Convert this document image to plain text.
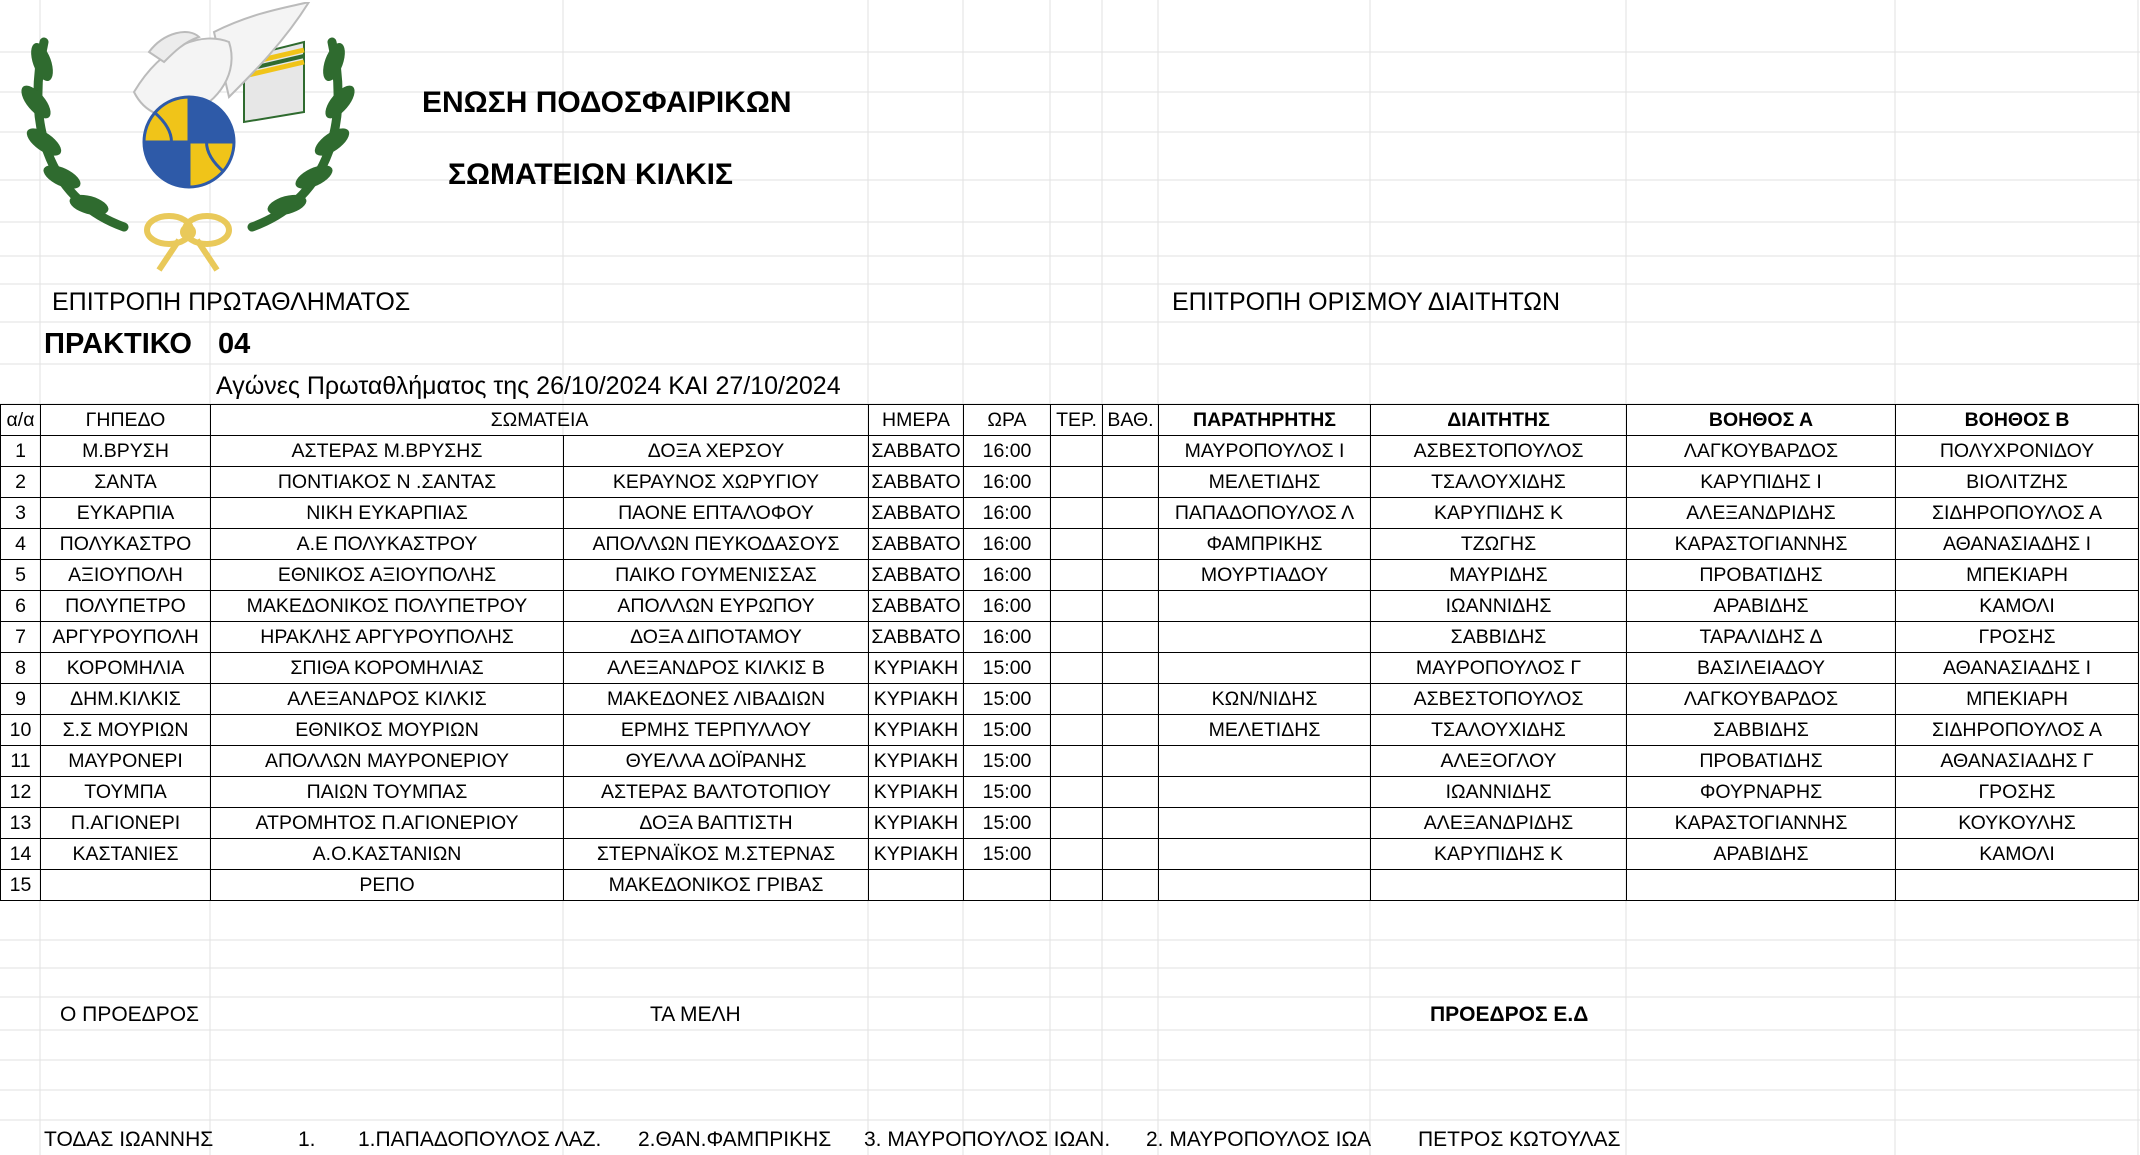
ΕΝΩΣΗ ΠΟΔΟΣΦΑΙΡΙΚΩΝ
ΣΩΜΑΤΕΙΩΝ ΚΙΛΚΙΣ
ΕΠΙΤΡΟΠΗ ΠΡΩΤΑΘΛΗΜΑΤΟΣ	ΕΠΙΤΡΟΠΗ ΟΡΙΣΜΟΥ ΔΙΑΙΤΗΤΩΝ
ΠΡΑΚΤΙΚΟ 04
Αγώνες Πρωταθλήματος της 26/10/2024 ΚΑΙ 27/10/2024
α/α	ΓΗΠΕΔΟ	ΣΩΜΑΤΕΙΑ		ΗΜΕΡΑ	ΩΡΑ	ΤΕΡ.	ΒΑΘ.	ΠΑΡΑΤΗΡΗΤΗΣ	ΔΙΑΙΤΗΤΗΣ	ΒΟΗΘΟΣ Α	ΒΟΗΘΟΣ Β
1	Μ.ΒΡΥΣΗ	ΑΣΤΕΡΑΣ Μ.ΒΡΥΣΗΣ	ΔΟΞΑ ΧΕΡΣΟΥ	ΣΑΒΒΑΤΟ	16:00			ΜΑΥΡΟΠΟΥΛΟΣ Ι	ΑΣΒΕΣΤΟΠΟΥΛΟΣ	ΛΑΓΚΟΥΒΑΡΔΟΣ	ΠΟΛΥΧΡΟΝΙΔΟΥ
2	ΣΑΝΤΑ	ΠΟΝΤΙΑΚΟΣ Ν .ΣΑΝΤΑΣ	ΚΕΡΑΥΝΟΣ ΧΩΡΥΓΙΟΥ	ΣΑΒΒΑΤΟ	16:00			ΜΕΛΕΤΙΔΗΣ	ΤΣΑΛΟΥΧΙΔΗΣ	ΚΑΡΥΠΙΔΗΣ Ι	ΒΙΟΛΙΤΖΗΣ
3	ΕΥΚΑΡΠΙΑ	ΝΙΚΗ ΕΥΚΑΡΠΙΑΣ	ΠΑΟΝΕ ΕΠΤΑΛΟΦΟΥ	ΣΑΒΒΑΤΟ	16:00			ΠΑΠΑΔΟΠΟΥΛΟΣ Λ	ΚΑΡΥΠΙΔΗΣ Κ	ΑΛΕΞΑΝΔΡΙΔΗΣ	ΣΙΔΗΡΟΠΟΥΛΟΣ Α
4	ΠΟΛΥΚΑΣΤΡΟ	Α.Ε ΠΟΛΥΚΑΣΤΡΟΥ	ΑΠΟΛΛΩΝ ΠΕΥΚΟΔΑΣΟΥΣ	ΣΑΒΒΑΤΟ	16:00			ΦΑΜΠΡΙΚΗΣ	ΤΖΩΓΗΣ	ΚΑΡΑΣΤΟΓΙΑΝΝΗΣ	ΑΘΑΝΑΣΙΑΔΗΣ Ι
5	ΑΞΙΟΥΠΟΛΗ	ΕΘΝΙΚΟΣ ΑΞΙΟΥΠΟΛΗΣ	ΠΑΙΚΟ ΓΟΥΜΕΝΙΣΣΑΣ	ΣΑΒΒΑΤΟ	16:00			ΜΟΥΡΤΙΑΔΟΥ	ΜΑΥΡΙΔΗΣ	ΠΡΟΒΑΤΙΔΗΣ	ΜΠΕΚΙΑΡΗ
6	ΠΟΛΥΠΕΤΡΟ	ΜΑΚΕΔΟΝΙΚΟΣ ΠΟΛΥΠΕΤΡΟΥ	ΑΠΟΛΛΩΝ ΕΥΡΩΠΟΥ	ΣΑΒΒΑΤΟ	16:00				ΙΩΑΝΝΙΔΗΣ	ΑΡΑΒΙΔΗΣ	ΚΑΜΟΛΙ
7	ΑΡΓΥΡΟΥΠΟΛΗ	ΗΡΑΚΛΗΣ ΑΡΓΥΡΟΥΠΟΛΗΣ	ΔΟΞΑ ΔΙΠΟΤΑΜΟΥ	ΣΑΒΒΑΤΟ	16:00				ΣΑΒΒΙΔΗΣ	ΤΑΡΑΛΙΔΗΣ Δ	ΓΡΟΣΗΣ
8	ΚΟΡΟΜΗΛΙΑ	ΣΠΙΘΑ ΚΟΡΟΜΗΛΙΑΣ	ΑΛΕΞΑΝΔΡΟΣ ΚΙΛΚΙΣ Β	ΚΥΡΙΑΚΗ	15:00				ΜΑΥΡΟΠΟΥΛΟΣ Γ	ΒΑΣΙΛΕΙΑΔΟΥ	ΑΘΑΝΑΣΙΑΔΗΣ Ι
9	ΔΗΜ.ΚΙΛΚΙΣ	ΑΛΕΞΑΝΔΡΟΣ ΚΙΛΚΙΣ	ΜΑΚΕΔΟΝΕΣ ΛΙΒΑΔΙΩΝ	ΚΥΡΙΑΚΗ	15:00			ΚΩΝ/ΝΙΔΗΣ	ΑΣΒΕΣΤΟΠΟΥΛΟΣ	ΛΑΓΚΟΥΒΑΡΔΟΣ	ΜΠΕΚΙΑΡΗ
10	Σ.Σ ΜΟΥΡΙΩΝ	ΕΘΝΙΚΟΣ ΜΟΥΡΙΩΝ	ΕΡΜΗΣ ΤΕΡΠΥΛΛΟΥ	ΚΥΡΙΑΚΗ	15:00			ΜΕΛΕΤΙΔΗΣ	ΤΣΑΛΟΥΧΙΔΗΣ	ΣΑΒΒΙΔΗΣ	ΣΙΔΗΡΟΠΟΥΛΟΣ Α
11	ΜΑΥΡΟΝΕΡΙ	ΑΠΟΛΛΩΝ ΜΑΥΡΟΝΕΡΙΟΥ	ΘΥΕΛΛΑ ΔΟΪΡΑΝΗΣ	ΚΥΡΙΑΚΗ	15:00				ΑΛΕΞΟΓΛΟΥ	ΠΡΟΒΑΤΙΔΗΣ	ΑΘΑΝΑΣΙΑΔΗΣ Γ
12	ΤΟΥΜΠΑ	ΠΑΙΩΝ ΤΟΥΜΠΑΣ	ΑΣΤΕΡΑΣ ΒΑΛΤΟΤΟΠΙΟΥ	ΚΥΡΙΑΚΗ	15:00				ΙΩΑΝΝΙΔΗΣ	ΦΟΥΡΝΑΡΗΣ	ΓΡΟΣΗΣ
13	Π.ΑΓΙΟΝΕΡΙ	ΑΤΡΟΜΗΤΟΣ Π.ΑΓΙΟΝΕΡΙΟΥ	ΔΟΞΑ ΒΑΠΤΙΣΤΗ	ΚΥΡΙΑΚΗ	15:00				ΑΛΕΞΑΝΔΡΙΔΗΣ	ΚΑΡΑΣΤΟΓΙΑΝΝΗΣ	ΚΟΥΚΟΥΛΗΣ
14	ΚΑΣΤΑΝΙΕΣ	Α.Ο.ΚΑΣΤΑΝΙΩΝ	ΣΤΕΡΝΑΪΚΟΣ Μ.ΣΤΕΡΝΑΣ	ΚΥΡΙΑΚΗ	15:00				ΚΑΡΥΠΙΔΗΣ Κ	ΑΡΑΒΙΔΗΣ	ΚΑΜΟΛΙ
15		ΡΕΠΟ	ΜΑΚΕΔΟΝΙΚΟΣ ΓΡΙΒΑΣ								
Ο ΠΡΟΕΔΡΟΣ	ΤΑ ΜΕΛΗ	ΠΡΟΕΔΡΟΣ Ε.Δ
ΤΟΔΑΣ ΙΩΑΝΝΗΣ	1. 1.ΠΑΠΑΔΟΠΟΥΛΟΣ ΛΑΖ. 2.ΘΑΝ.ΦΑΜΠΡΙΚΗΣ 3. ΜΑΥΡΟΠΟΥΛΟΣ ΙΩΑΝ. 2. ΜΑΥΡΟΠΟΥΛΟΣ ΙΩΑ ΠΕΤΡΟΣ ΚΩΤΟΥΛΑΣ
